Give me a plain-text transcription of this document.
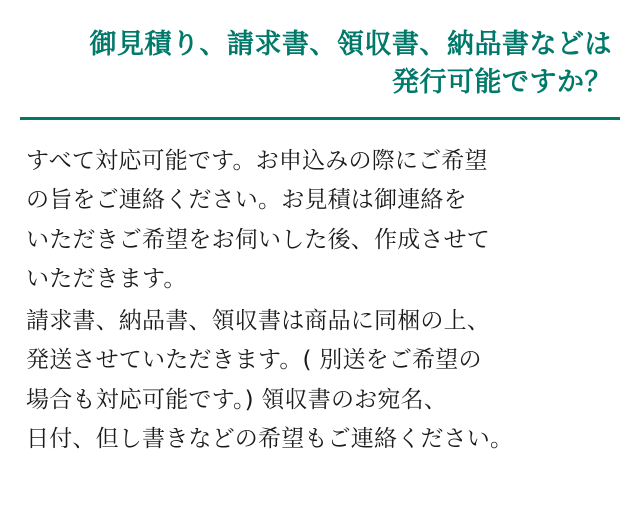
御見積り、請求書、領収書、納品書などは
発行可能ですか？

すべて対応可能です。お申込みの際にご希望
の旨をご連絡ください。お見積は御連絡を
いただきご希望をお伺いした後、作成させて
いただきます。

請求書、納品書、領収書は商品に同梱の上、
発送させていただきます。( 別送をご希望の
場合も対応可能です。) 領収書のお宛名、
日付、但し書きなどの希望もご連絡ください。
